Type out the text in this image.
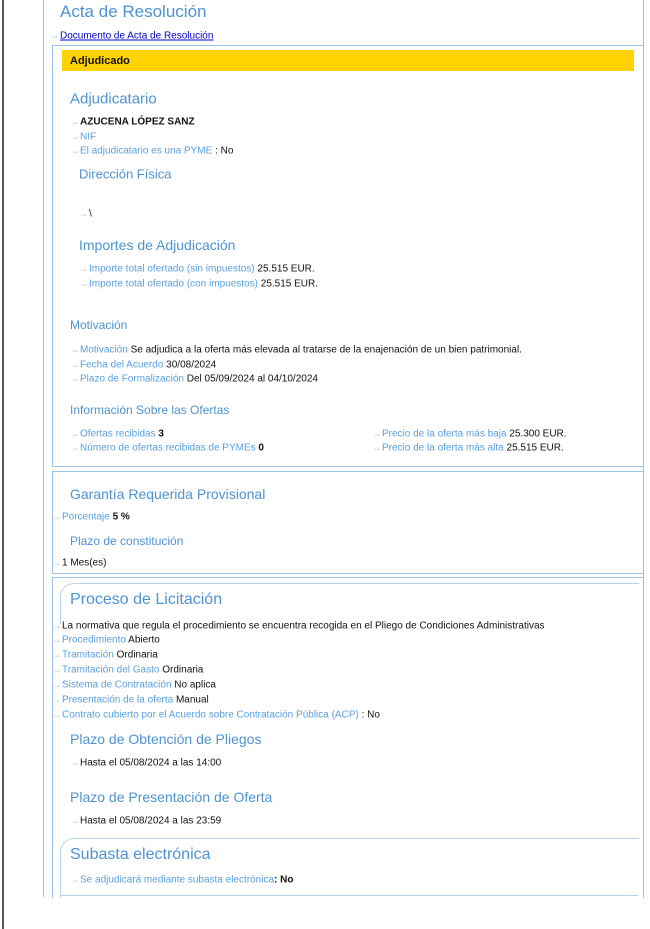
Acta de Resolución
→Documento de Acta de Resolución
Adjudicado
Adjudicatario
→AZUCENA LÓPEZ SANZ
→NIF
→El adjudicatario es una PYME : No
Dirección Física
→\
Importes de Adjudicación
→Importe total ofertado (sin impuestos) 25.515 EUR.
→Importe total ofertado (con impuestos) 25.515 EUR.
Motivación
→Motivación Se adjudica a la oferta más elevada al tratarse de la enajenación de un bien patrimonial.
→Fecha del Acuerdo 30/08/2024
→Plazo de Formalización Del 05/09/2024 al 04/10/2024
Información Sobre las Ofertas
→Ofertas recibidas 3
→Número de ofertas recibidas de PYMEs 0
→Precio de la oferta más baja 25.300 EUR.
→Precio de la oferta más alta 25.515 EUR.
Garantía Requerida Provisional
→Porcentaje 5 %
Plazo de constitución
→1 Mes(es)
Proceso de Licitación
→La normativa que regula el procedimiento se encuentra recogida en el Pliego de Condiciones Administrativas
→Procedimiento Abierto
→Tramitación Ordinaria
→Tramitación del Gasto Ordinaria
→Sistema de Contratación No aplica
→Presentación de la oferta Manual
→Contrato cubierto por el Acuerdo sobre Contratación Pública (ACP) : No
Plazo de Obtención de Pliegos
→Hasta el 05/08/2024 a las 14:00
Plazo de Presentación de Oferta
→Hasta el 05/08/2024 a las 23:59
Subasta electrónica
→Se adjudicará mediante subasta electrónica: No
